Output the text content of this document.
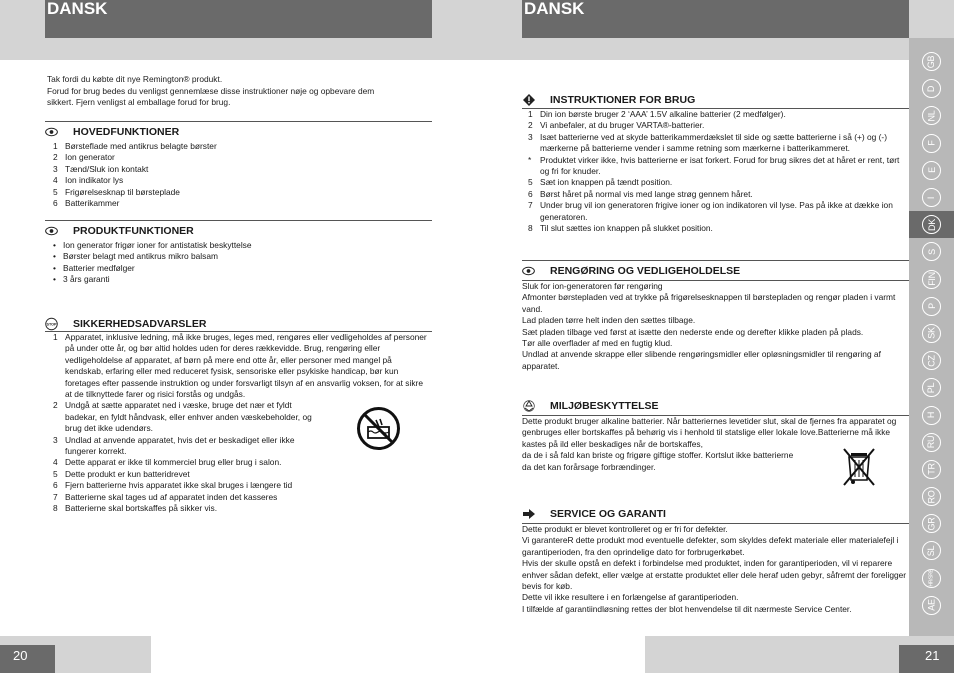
DANSK	DANSK
20	21
GB
D
NL
F
E
I
DK
S
FIN
P
SK
CZ
PL
H
RU
TR
RO
GR
SL
HR/SRB
AE
Tak fordi du købte dit nye Remington® produkt.
Forud for brug bedes du venligst gennemlæse disse instruktioner nøje og opbevare dem
sikkert. Fjern venligst al emballage forud for brug.
HOVEDFUNKTIONER
1 Børsteflade med antikrus belagte børster
2 Ion generator
3 Tænd/Sluk ion kontakt
4 Ion indikator lys
5 Frigørelsesknap til børsteplade
6 Batterikammer
PRODUKTFUNKTIONER
• Ion generator frigør ioner for antistatisk beskyttelse
• Børster belagt med antikrus mikro balsam
• Batterier medfølger
• 3 års garanti
STOP SIKKERHEDSADVARSLER
1 Apparatet, inklusive ledning, må ikke bruges, leges med, rengøres eller vedligeholdes af personer på under otte år, og bør altid holdes uden for deres rækkevidde. Brug, rengøring eller vedligeholdelse af apparatet, af børn på mere end otte år, eller personer med mangel på kendskab, erfaring eller med reduceret fysisk, sensoriske eller psykiske handicap, bør kun foretages efter passende instruktion og under forsvarligt tilsyn af en ansvarlig voksen, for at sikre at de tilknyttede farer og risici forstås og undgås.
2 Undgå at sætte apparatet ned i væske, bruge det nær et fyldt badekar, en fyldt håndvask, eller enhver anden væskebeholder, og brug det ikke udendørs.
3 Undlad at anvende apparatet, hvis det er beskadiget eller ikke fungerer korrekt.
4 Dette apparat er ikke til kommerciel brug eller brug i salon.
5 Dette produkt er kun batteridrevet
6 Fjern batterierne hvis apparatet ikke skal bruges i længere tid
7 Batterierne skal tages ud af apparatet inden det kasseres
8 Batterierne skal bortskaffes på sikker vis.
INSTRUKTIONER FOR BRUG
1 Din ion børste bruger 2 ‘AAA’ 1.5V alkaline batterier (2 medfølger).
2 Vi anbefaler, at du bruger VARTA®-batterier.
3 Isæt batterierne ved at skyde batterikammerdækslet til side og sætte batterierne i så (+) og (-) mærkerne på batterierne vender i samme retning som mærkerne i batterikammeret.
*	Produktet virker ikke, hvis batterierne er isat forkert. Forud for brug sikres det at håret er rent, tørt og fri for knuder.
5 Sæt ion knappen på tændt position.
6 Børst håret på normal vis med lange strøg gennem håret.
7 Under brug vil ion generatoren frigive ioner og ion indikatoren vil lyse. Pas på ikke at dække ion generatoren.
8 Til slut sættes ion knappen på slukket position.
RENGØRING OG VEDLIGEHOLDELSE
Sluk for ion-generatoren før rengøring
Afmonter børstepladen ved at trykke på frigørelsesknappen til børstepladen og rengør pladen i varmt vand.
Lad pladen tørre helt inden den sættes tilbage.
Sæt pladen tilbage ved først at isætte den nederste ende og derefter klikke pladen på plads.
Tør alle overflader af med en fugtig klud.
Undlad at anvende skrappe eller slibende rengøringsmidler eller opløsningsmidler til rengøring af apparatet.
MILJØBESKYTTELSE
Dette produkt bruger alkaline batterier. Når batteriernes levetider slut, skal de fjernes fra apparatet og genbruges eller bortskaffes på behørig vis i henhold til statslige eller lokale love.Batterierne må ikke kastes på ild eller beskadiges når de bortskaffes,
da de i så fald kan briste og frigøre giftige stoffer. Kortslut ikke batterierne
da det kan forårsage forbrændinger.
SERVICE OG GARANTI
Dette produkt er blevet kontrolleret og er fri for defekter.
Vi garantereR dette produkt mod eventuelle defekter, som skyldes defekt materiale eller materialefejl i garantiperioden, fra den oprindelige dato for forbrugerkøbet.
Hvis der skulle opstå en defekt i forbindelse med produktet, inden for garantiperioden, vil vi reparere enhver sådan defekt, eller vælge at erstatte produktet eller dele heraf uden gebyr, såfremt der foreligger bevis for køb.
Dette vil ikke resultere i en forlængelse af garantiperioden.
I tilfælde af garantiindløsning rettes der blot henvendelse til dit nærmeste Service Center.
